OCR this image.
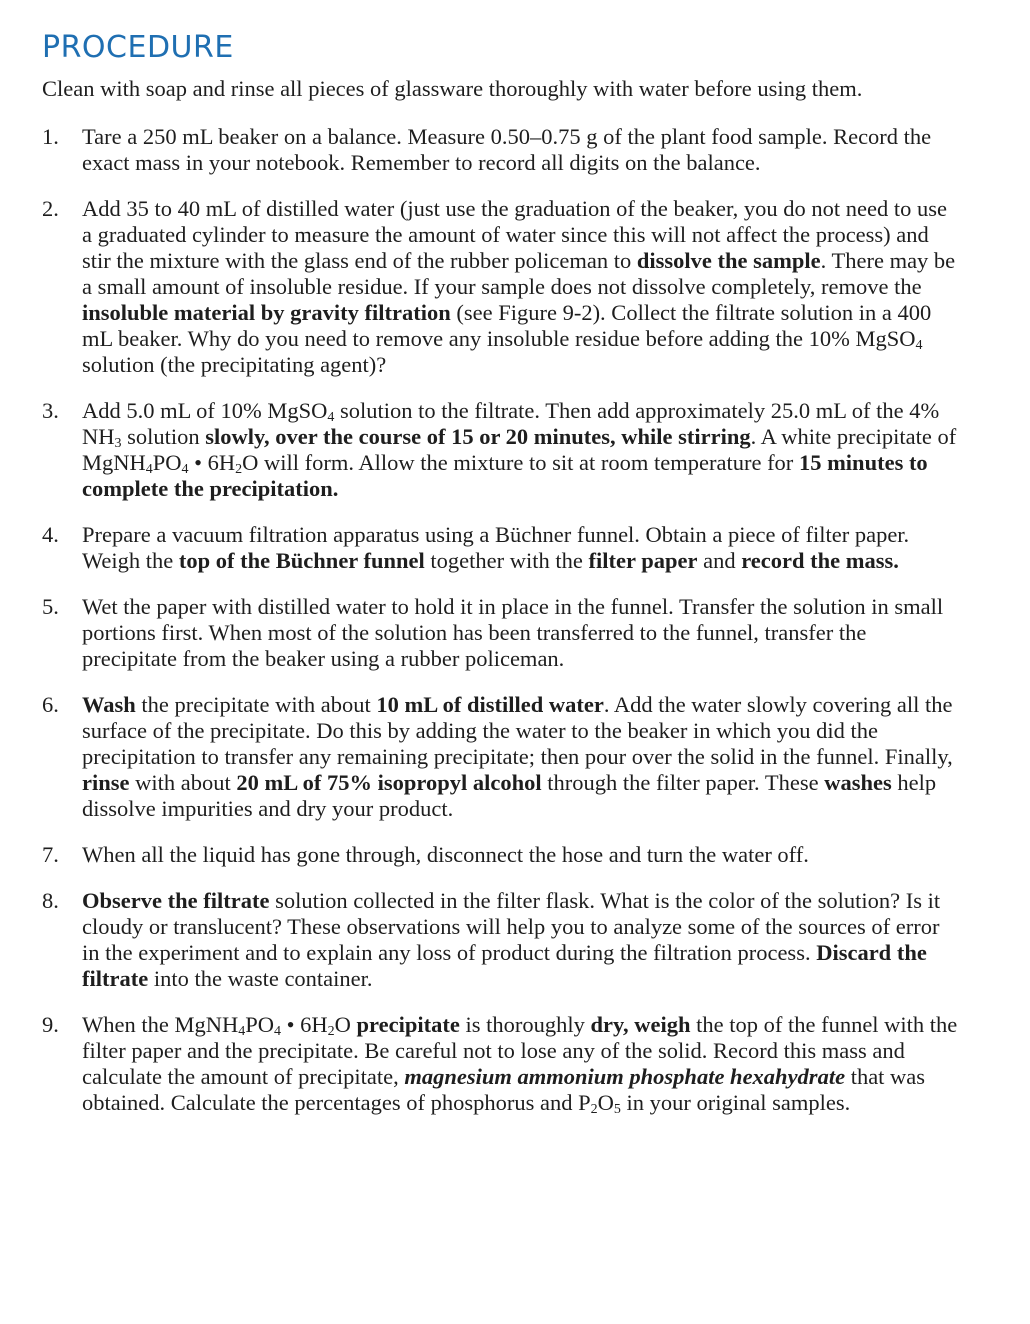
PROCEDURE

Clean with soap and rinse all pieces of glassware thoroughly with water before using them.

1.	Tare a 250 mL beaker on a balance. Measure 0.50–0.75 g of the plant food sample. Record the exact mass in your notebook. Remember to record all digits on the balance.
2.	Add 35 to 40 mL of distilled water (just use the graduation of the beaker, you do not need to use a graduated cylinder to measure the amount of water since this will not affect the process) and stir the mixture with the glass end of the rubber policeman to dissolve the sample. There may be a small amount of insoluble residue. If your sample does not dissolve completely, remove the insoluble material by gravity filtration (see Figure 9-2). Collect the filtrate solution in a 400 mL beaker. Why do you need to remove any insoluble residue before adding the 10% MgSO$_4$ solution (the precipitating agent)?
3.	Add 5.0 mL of 10% MgSO$_4$ solution to the filtrate. Then add approximately 25.0 mL of the 4% $NH_3$ solution slowly, over the course of 15 or 20 minutes, while stirring. A white precipitate of $MgNH_4PO_4$ • $6H_2O$ will form. Allow the mixture to sit at room temperature for 15 minutes to complete the precipitation.
4.	Prepare a vacuum filtration apparatus using a Büchner funnel. Obtain a piece of filter paper. Weigh the top of the Büchner funnel together with the filter paper and record the mass.
5.	Wet the paper with distilled water to hold it in place in the funnel. Transfer the solution in small portions first. When most of the solution has been transferred to the funnel, transfer the precipitate from the beaker using a rubber policeman.
6.	Wash the precipitate with about 10 mL of distilled water. Add the water slowly covering all the surface of the precipitate. Do this by adding the water to the beaker in which you did the precipitation to transfer any remaining precipitate; then pour over the solid in the funnel. Finally, rinse with about 20 mL of 75% isopropyl alcohol through the filter paper. These washes help dissolve impurities and dry your product.
7.	When all the liquid has gone through, disconnect the hose and turn the water off.
8.	Observe the filtrate solution collected in the filter flask. What is the color of the solution? Is it cloudy or translucent? These observations will help you to analyze some of the sources of error in the experiment and to explain any loss of product during the filtration process. Discard the filtrate into the waste container.
9.	When the $MgNH_4PO_4$ • $6H_2O$ precipitate is thoroughly dry, weigh the top of the funnel with the filter paper and the precipitate. Be careful not to lose any of the solid. Record this mass and calculate the amount of precipitate, magnesium ammonium phosphate hexahydrate that was obtained. Calculate the percentages of phosphorus and $P_2O_5$ in your original samples.
